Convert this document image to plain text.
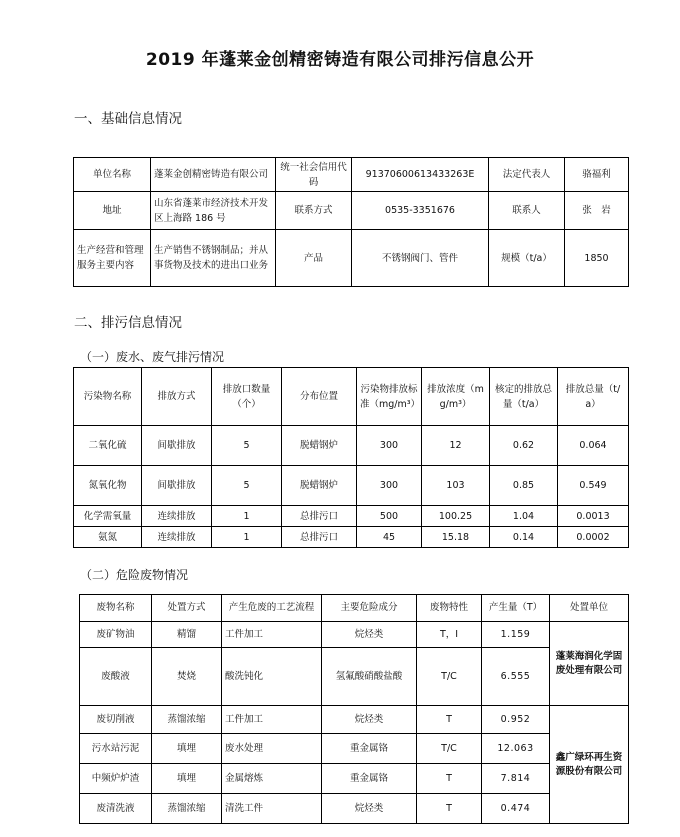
2019 年蓬莱金创精密铸造有限公司排污信息公开
一、基础信息情况
单位名称	蓬莱金创精密铸造有限公司	统一社会信用代码	91370600613433263E	法定代表人	骆福利
地址	山东省蓬莱市经济技术开发区上海路 186 号	联系方式	0535-3351676	联系人	张　岩
生产经营和管理服务主要内容	生产销售不锈钢制品；并从事货物及技术的进出口业务	产品	不锈钢阀门、管件	规模（t/a）	1850
二、排污信息情况
（一）废水、废气排污情况
污染物名称	排放方式	排放口数量（个）	分布位置	污染物排放标准（mg/m³）	排放浓度（mg/m³）	核定的排放总量（t/a）	排放总量（t/a）
二氧化硫	间歇排放	5	脱蜡钢炉	300	12	0.62	0.064
氮氧化物	间歇排放	5	脱蜡钢炉	300	103	0.85	0.549
化学需氧量	连续排放	1	总排污口	500	100.25	1.04	0.0013
氨氮	连续排放	1	总排污口	45	15.18	0.14	0.0002
（二）危险废物情况
废物名称	处置方式	产生危废的工艺流程	主要危险成分	废物特性	产生量（T）	处置单位
废矿物油	精馏	工件加工	烷烃类	T，I	1.159	蓬莱海润化学固废处理有限公司
废酸液	焚烧	酸洗钝化	氢氟酸硝酸盐酸	T/C	6.555	
废切削液	蒸馏浓缩	工件加工	烷烃类	T	0.952	鑫广绿环再生资源股份有限公司
污水站污泥	填埋	废水处理	重金属铬	T/C	12.063	
中频炉炉渣	填埋	金属熔炼	重金属铬	T	7.814	
废清洗液	蒸馏浓缩	清洗工件	烷烃类	T	0.474	
